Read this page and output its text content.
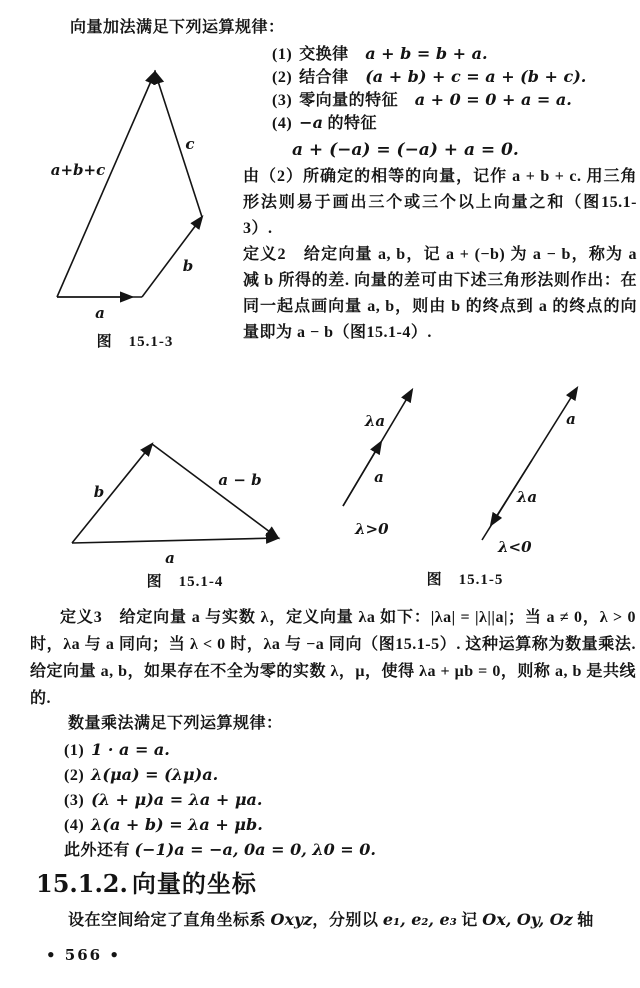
向量加法满足下列运算规律：
(1) 交换律　 a + b = b + a.
(2) 结合律　 (a + b) + c = a + (b + c).
(3) 零向量的特征　 a + 0 = 0 + a = a.
(4) −a 的特征
a + (−a) = (−a) + a = 0.

由（2）所确定的相等的向量，记作 a + b + c. 用三角形法则易于画出三个或三个以上向量之和（图15.1-3）.

定义2　给定向量 a, b，记 a + (−b) 为 a − b，称为 a 减 b 所得的差. 向量的差可由下述三角形法则作出：在同一起点画向量 a, b，则由 b 的终点到 a 的终点的向量即为 a − b（图15.1-4）.

a+b+c
c
b
a
图　15.1-3
b
a
a − b
图　15.1-4
λa
a
λ>0
a
λa
λ<0
图　15.1-5

定义3　给定向量 a 与实数 λ，定义向量 λa 如下：|λa| = |λ||a|；当 a ≠ 0，λ > 0 时，λa 与 a 同向；当 λ < 0 时，λa 与 −a 同向（图15.1-5）. 这种运算称为数量乘法. 给定向量 a, b，如果存在不全为零的实数 λ，μ，使得 λa + μb = 0，则称 a, b 是共线的.

数量乘法满足下列运算规律：
(1) 1 · a = a.
(2) λ(μa) = (λμ)a.
(3) (λ + μ)a = λa + μa.
(4) λ(a + b) = λa + μb.
此外还有 (−1)a = −a, 0a = 0, λ0 = 0.
15.1.2. 向量的坐标
设在空间给定了直角坐标系 Oxyz，分别以 e₁, e₂, e₃ 记 Ox, Oy, Oz 轴
• 566 •
